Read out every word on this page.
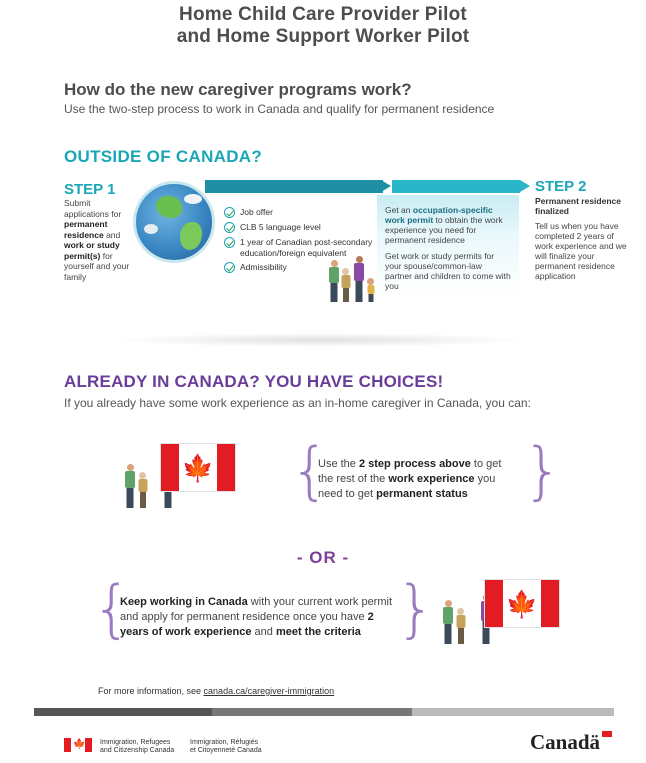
Home Child Care Provider Pilot
and Home Support Worker Pilot
How do the new caregiver programs work?
Use the two-step process to work in Canada and qualify for permanent residence
OUTSIDE OF CANADA?
STEP 1
Submit applications for permanent residence and work or study permit(s) for yourself and your family
Job offer
CLB 5 language level
1 year of Canadian post-secondary education/foreign equivalent
Admissibility
Get an occupation-specific work permit to obtain the work experience you need for permanent residence
Get work or study permits for your spouse/common-law partner and children to come with you
STEP 2
Permanent residence finalized
Tell us when you have completed 2 years of work experience and we will finalize your permanent residence application
ALREADY IN CANADA? YOU HAVE CHOICES!
If you already have some work experience as an in-home caregiver in Canada, you can:
🍁 {
Use the 2 step process above to get the rest of the work experience you need to get permanent status }
- OR -
{
Keep working in Canada with your current work permit and apply for permanent residence once you have 2 years of work experience and meet the criteria }	🍁
For more information, see canada.ca/caregiver-immigration
🍁 Immigration, Refugees
and Citizenship Canada
Immigration, Réfugiés
et Citoyenneté Canada	Canadä
